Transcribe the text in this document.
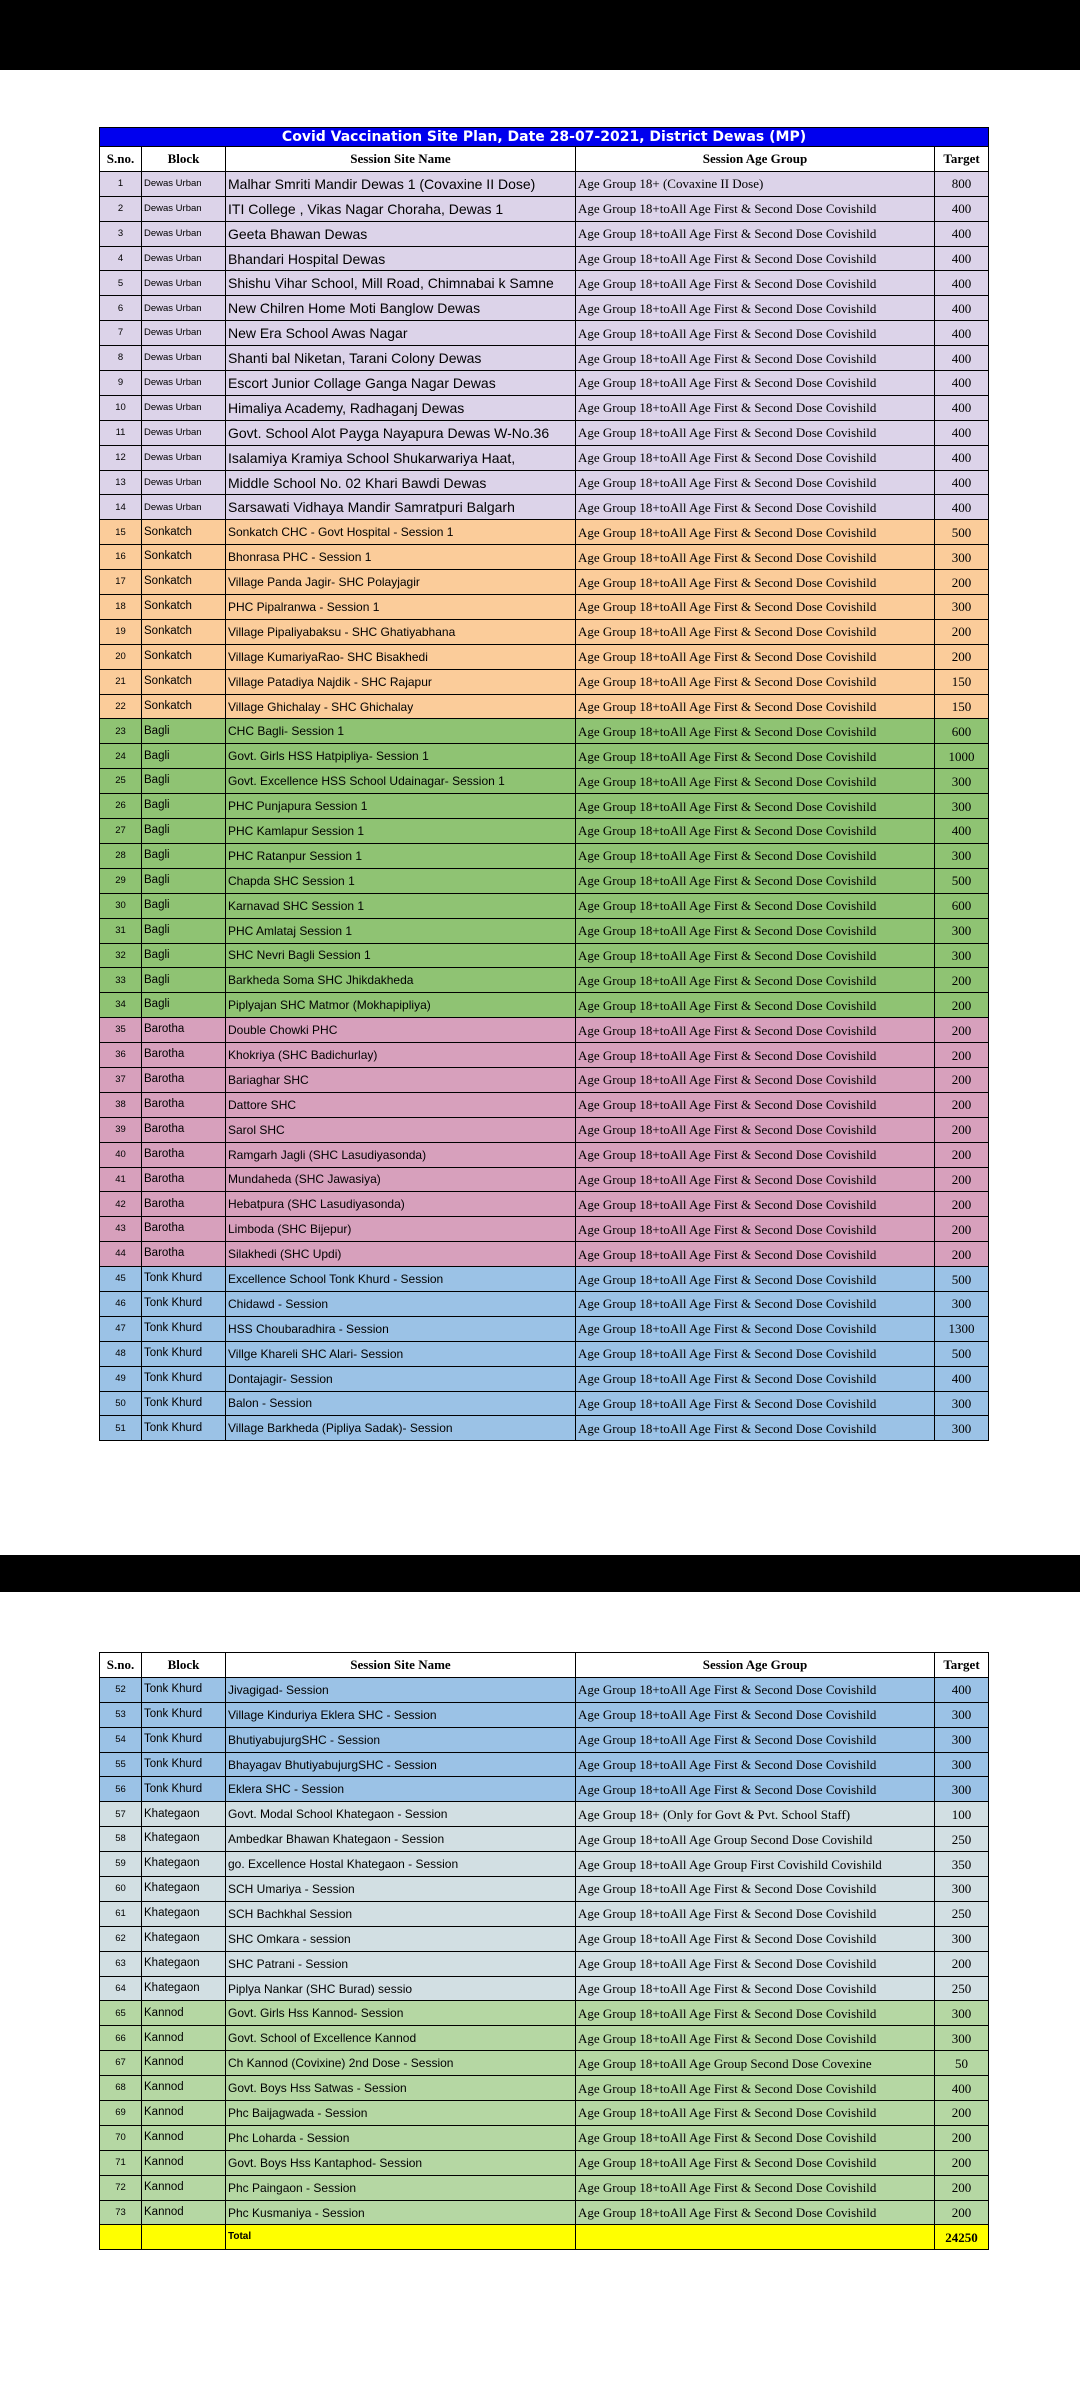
Covid Vaccination Site Plan, Date 28-07-2021, District Dewas (MP)				
S.no.	Block	Session Site Name	Session Age Group	Target
1	Dewas Urban	Malhar Smriti Mandir Dewas 1 (Covaxine II Dose)	Age Group 18+ (Covaxine II Dose)	800
2	Dewas Urban	ITI College , Vikas Nagar Choraha, Dewas 1	Age Group 18+toAll Age First & Second Dose Covishild	400
3	Dewas Urban	Geeta Bhawan Dewas	Age Group 18+toAll Age First & Second Dose Covishild	400
4	Dewas Urban	Bhandari Hospital Dewas	Age Group 18+toAll Age First & Second Dose Covishild	400
5	Dewas Urban	Shishu Vihar School, Mill Road, Chimnabai k Samne	Age Group 18+toAll Age First & Second Dose Covishild	400
6	Dewas Urban	New Chilren Home Moti Banglow Dewas	Age Group 18+toAll Age First & Second Dose Covishild	400
7	Dewas Urban	New Era School Awas Nagar	Age Group 18+toAll Age First & Second Dose Covishild	400
8	Dewas Urban	Shanti bal Niketan, Tarani Colony Dewas	Age Group 18+toAll Age First & Second Dose Covishild	400
9	Dewas Urban	Escort Junior Collage Ganga Nagar Dewas	Age Group 18+toAll Age First & Second Dose Covishild	400
10	Dewas Urban	Himaliya Academy, Radhaganj Dewas	Age Group 18+toAll Age First & Second Dose Covishild	400
11	Dewas Urban	Govt. School Alot Payga Nayapura Dewas W-No.36	Age Group 18+toAll Age First & Second Dose Covishild	400
12	Dewas Urban	Isalamiya Kramiya School Shukarwariya Haat,	Age Group 18+toAll Age First & Second Dose Covishild	400
13	Dewas Urban	Middle School No. 02 Khari Bawdi Dewas	Age Group 18+toAll Age First & Second Dose Covishild	400
14	Dewas Urban	Sarsawati Vidhaya Mandir Samratpuri Balgarh	Age Group 18+toAll Age First & Second Dose Covishild	400
15	Sonkatch	Sonkatch CHC - Govt Hospital - Session 1	Age Group 18+toAll Age First & Second Dose Covishild	500
16	Sonkatch	Bhonrasa PHC - Session 1	Age Group 18+toAll Age First & Second Dose Covishild	300
17	Sonkatch	Village Panda Jagir- SHC Polayjagir	Age Group 18+toAll Age First & Second Dose Covishild	200
18	Sonkatch	PHC Pipalranwa - Session 1	Age Group 18+toAll Age First & Second Dose Covishild	300
19	Sonkatch	Village Pipaliyabaksu - SHC Ghatiyabhana	Age Group 18+toAll Age First & Second Dose Covishild	200
20	Sonkatch	Village KumariyaRao- SHC Bisakhedi	Age Group 18+toAll Age First & Second Dose Covishild	200
21	Sonkatch	Village Patadiya Najdik - SHC Rajapur	Age Group 18+toAll Age First & Second Dose Covishild	150
22	Sonkatch	Village Ghichalay - SHC Ghichalay	Age Group 18+toAll Age First & Second Dose Covishild	150
23	Bagli	CHC Bagli- Session 1	Age Group 18+toAll Age First & Second Dose Covishild	600
24	Bagli	Govt. Girls HSS Hatpipliya- Session 1	Age Group 18+toAll Age First & Second Dose Covishild	1000
25	Bagli	Govt. Excellence HSS School Udainagar- Session 1	Age Group 18+toAll Age First & Second Dose Covishild	300
26	Bagli	PHC Punjapura Session 1	Age Group 18+toAll Age First & Second Dose Covishild	300
27	Bagli	PHC Kamlapur Session 1	Age Group 18+toAll Age First & Second Dose Covishild	400
28	Bagli	PHC Ratanpur Session 1	Age Group 18+toAll Age First & Second Dose Covishild	300
29	Bagli	Chapda SHC Session 1	Age Group 18+toAll Age First & Second Dose Covishild	500
30	Bagli	Karnavad SHC Session 1	Age Group 18+toAll Age First & Second Dose Covishild	600
31	Bagli	PHC Amlataj Session 1	Age Group 18+toAll Age First & Second Dose Covishild	300
32	Bagli	SHC Nevri Bagli Session 1	Age Group 18+toAll Age First & Second Dose Covishild	300
33	Bagli	Barkheda Soma SHC Jhikdakheda	Age Group 18+toAll Age First & Second Dose Covishild	200
34	Bagli	Piplyajan SHC Matmor (Mokhapipliya)	Age Group 18+toAll Age First & Second Dose Covishild	200
35	Barotha	Double Chowki PHC	Age Group 18+toAll Age First & Second Dose Covishild	200
36	Barotha	Khokriya (SHC Badichurlay)	Age Group 18+toAll Age First & Second Dose Covishild	200
37	Barotha	Bariaghar SHC	Age Group 18+toAll Age First & Second Dose Covishild	200
38	Barotha	Dattore SHC	Age Group 18+toAll Age First & Second Dose Covishild	200
39	Barotha	Sarol SHC	Age Group 18+toAll Age First & Second Dose Covishild	200
40	Barotha	Ramgarh Jagli (SHC Lasudiyasonda)	Age Group 18+toAll Age First & Second Dose Covishild	200
41	Barotha	Mundaheda (SHC Jawasiya)	Age Group 18+toAll Age First & Second Dose Covishild	200
42	Barotha	Hebatpura (SHC Lasudiyasonda)	Age Group 18+toAll Age First & Second Dose Covishild	200
43	Barotha	Limboda (SHC Bijepur)	Age Group 18+toAll Age First & Second Dose Covishild	200
44	Barotha	Silakhedi (SHC Updi)	Age Group 18+toAll Age First & Second Dose Covishild	200
45	Tonk Khurd	Excellence School Tonk Khurd - Session	Age Group 18+toAll Age First & Second Dose Covishild	500
46	Tonk Khurd	Chidawd - Session	Age Group 18+toAll Age First & Second Dose Covishild	300
47	Tonk Khurd	HSS Choubaradhira - Session	Age Group 18+toAll Age First & Second Dose Covishild	1300
48	Tonk Khurd	Villge Khareli SHC Alari- Session	Age Group 18+toAll Age First & Second Dose Covishild	500
49	Tonk Khurd	Dontajagir- Session	Age Group 18+toAll Age First & Second Dose Covishild	400
50	Tonk Khurd	Balon - Session	Age Group 18+toAll Age First & Second Dose Covishild	300
51	Tonk Khurd	Village Barkheda (Pipliya Sadak)- Session	Age Group 18+toAll Age First & Second Dose Covishild	300
S.no.	Block	Session Site Name	Session Age Group	Target
52	Tonk Khurd	Jivagigad- Session	Age Group 18+toAll Age First & Second Dose Covishild	400
53	Tonk Khurd	Village Kinduriya Eklera SHC - Session	Age Group 18+toAll Age First & Second Dose Covishild	300
54	Tonk Khurd	BhutiyabujurgSHC - Session	Age Group 18+toAll Age First & Second Dose Covishild	300
55	Tonk Khurd	Bhayagav BhutiyabujurgSHC - Session	Age Group 18+toAll Age First & Second Dose Covishild	300
56	Tonk Khurd	Eklera SHC - Session	Age Group 18+toAll Age First & Second Dose Covishild	300
57	Khategaon	Govt. Modal School Khategaon - Session	Age Group 18+ (Only for Govt & Pvt. School Staff)	100
58	Khategaon	Ambedkar Bhawan Khategaon - Session	Age Group 18+toAll Age Group Second Dose Covishild	250
59	Khategaon	go. Excellence Hostal Khategaon - Session	Age Group 18+toAll Age Group First Covishild Covishild	350
60	Khategaon	SCH Umariya - Session	Age Group 18+toAll Age First & Second Dose Covishild	300
61	Khategaon	SCH Bachkhal Session	Age Group 18+toAll Age First & Second Dose Covishild	250
62	Khategaon	SHC Omkara - session	Age Group 18+toAll Age First & Second Dose Covishild	300
63	Khategaon	SHC Patrani - Session	Age Group 18+toAll Age First & Second Dose Covishild	200
64	Khategaon	Piplya Nankar (SHC Burad) sessio	Age Group 18+toAll Age First & Second Dose Covishild	250
65	Kannod	Govt. Girls Hss Kannod- Session	Age Group 18+toAll Age First & Second Dose Covishild	300
66	Kannod	Govt. School of Excellence Kannod	Age Group 18+toAll Age First & Second Dose Covishild	300
67	Kannod	Ch Kannod (Covixine) 2nd Dose - Session	Age Group 18+toAll Age Group Second Dose Covexine	50
68	Kannod	Govt. Boys Hss Satwas - Session	Age Group 18+toAll Age First & Second Dose Covishild	400
69	Kannod	Phc Baijagwada - Session	Age Group 18+toAll Age First & Second Dose Covishild	200
70	Kannod	Phc Loharda - Session	Age Group 18+toAll Age First & Second Dose Covishild	200
71	Kannod	Govt. Boys Hss Kantaphod- Session	Age Group 18+toAll Age First & Second Dose Covishild	200
72	Kannod	Phc Paingaon - Session	Age Group 18+toAll Age First & Second Dose Covishild	200
73	Kannod	Phc Kusmaniya - Session	Age Group 18+toAll Age First & Second Dose Covishild	200
		Total		24250
